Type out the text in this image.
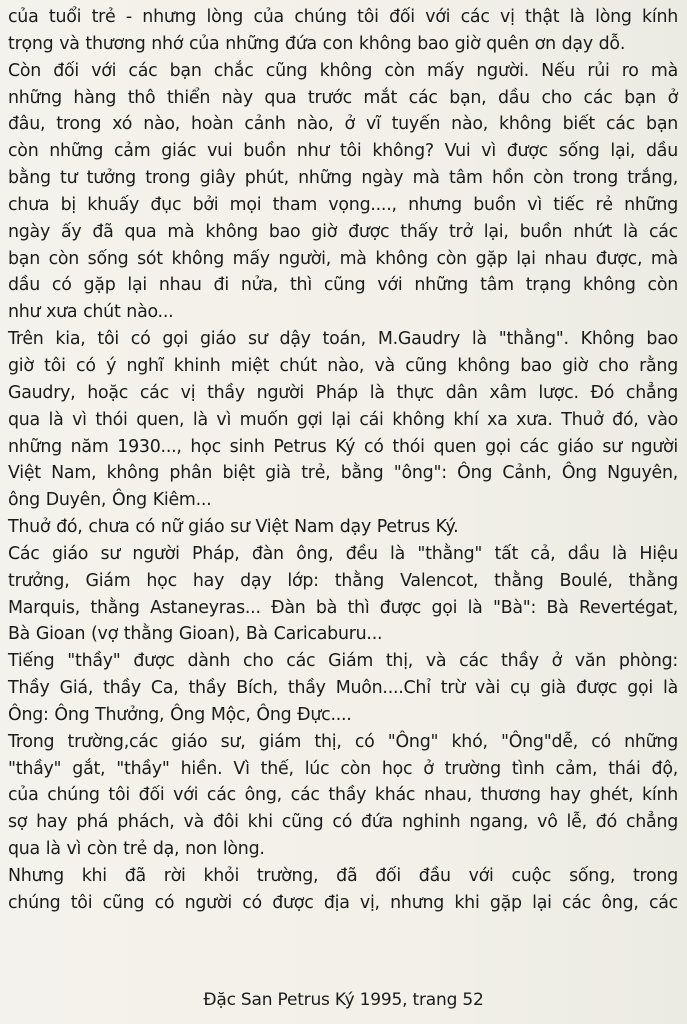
của tuổi trẻ - nhưng lòng của chúng tôi đối với các vị thật là lòng kính
trọng và thương nhớ của những đứa con không bao giờ quên ơn dạy dỗ.
Còn đối với các bạn chắc cũng không còn mấy người. Nếu rủi ro mà
những hàng thô thiển này qua trước mắt các bạn, dầu cho các bạn ở
đâu, trong xó nào, hoàn cảnh nào, ở vĩ tuyến nào, không biết các bạn
còn những cảm giác vui buồn như tôi không? Vui vì được sống lại, dầu
bằng tư tưởng trong giây phút, những ngày mà tâm hồn còn trong trắng,
chưa bị khuấy đục bởi mọi tham vọng...., nhưng buồn vì tiếc rẻ những
ngày ấy đã qua mà không bao giờ được thấy trở lại, buồn nhứt là các
bạn còn sống sót không mấy người, mà không còn gặp lại nhau được, mà
dầu có gặp lại nhau đi nửa, thì cũng với những tâm trạng không còn
như xưa chút nào...
Trên kia, tôi có gọi giáo sư dậy toán, M.Gaudry là "thằng". Không bao
giờ tôi có ý nghĩ khinh miệt chút nào, và cũng không bao giờ cho rằng
Gaudry, hoặc các vị thầy người Pháp là thực dân xâm lược. Đó chẳng
qua là vì thói quen, là vì muốn gợi lại cái không khí xa xưa. Thuở đó, vào
những năm 1930..., học sinh Petrus Ký có thói quen gọi các giáo sư người
Việt Nam, không phân biệt già trẻ, bằng "ông": Ông Cảnh, Ông Nguyên,
ông Duyên, Ông Kiêm...
Thuở đó, chưa có nữ giáo sư Việt Nam dạy Petrus Ký.
Các giáo sư người Pháp, đàn ông, đều là "thằng" tất cả, dầu là Hiệu
trưởng, Giám học hay dạy lớp: thằng Valencot, thằng Boulé, thằng
Marquis, thằng Astaneyras... Đàn bà thì được gọi là "Bà": Bà Revertégat,
Bà Gioan (vợ thằng Gioan), Bà Caricaburu...
Tiếng "thầy" được dành cho các Giám thị, và các thầy ở văn phòng:
Thầy Giá, thầy Ca, thầy Bích, thầy Muôn....Chỉ trừ vài cụ già được gọi là
Ông: Ông Thưởng, Ông Mộc, Ông Đực....
Trong trường,các giáo sư, giám thị, có "Ông" khó, "Ông"dễ, có những
"thầy" gắt, "thầy" hiền. Vì thế, lúc còn học ở trường tình cảm, thái độ,
của chúng tôi đối với các ông, các thầy khác nhau, thương hay ghét, kính
sợ hay phá phách, và đôi khi cũng có đứa nghinh ngang, vô lễ, đó chẳng
qua là vì còn trẻ dạ, non lòng.
Nhưng khi đã rời khỏi trường, đã đối đầu với cuộc sống, trong
chúng tôi cũng có người có được địa vị, nhưng khi gặp lại các ông, các
Đặc San Petrus Ký 1995, trang 52
